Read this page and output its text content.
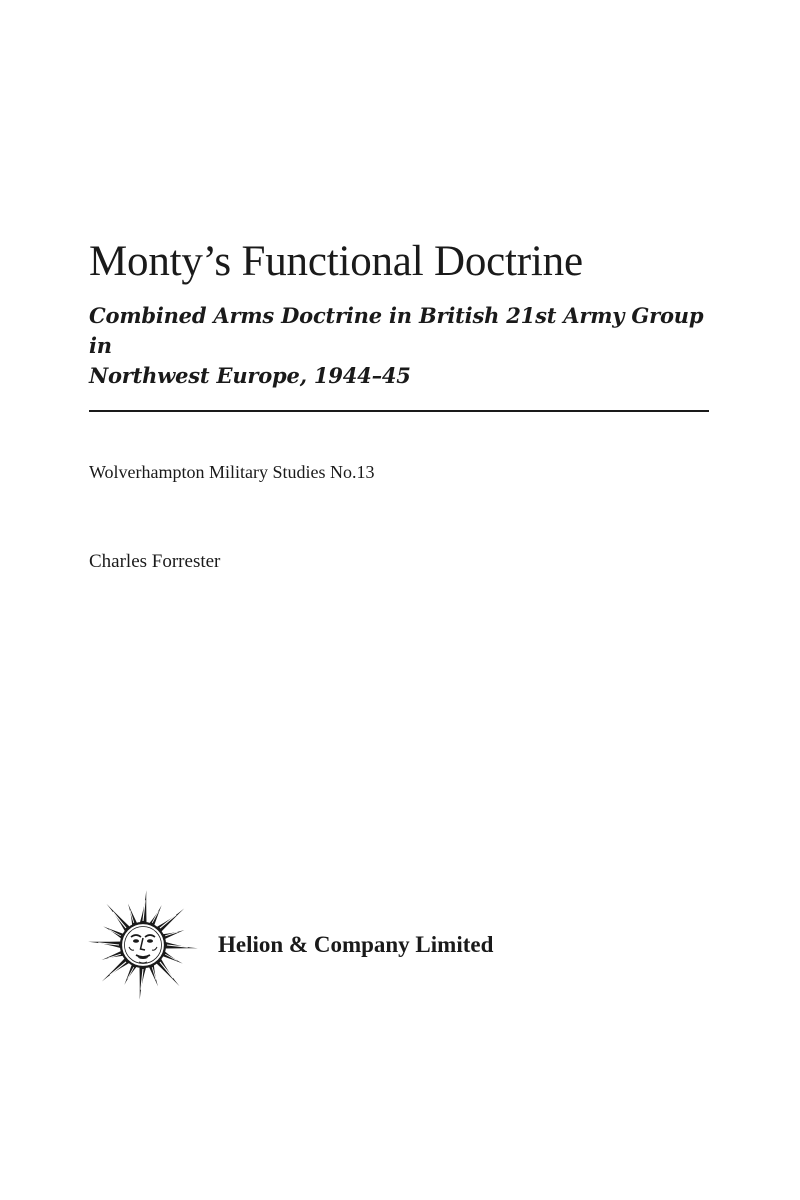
Monty’s Functional Doctrine

Combined Arms Doctrine in British 21st Army Group in
Northwest Europe, 1944–45

Wolverhampton Military Studies No.13

Charles Forrester

Helion & Company Limited
